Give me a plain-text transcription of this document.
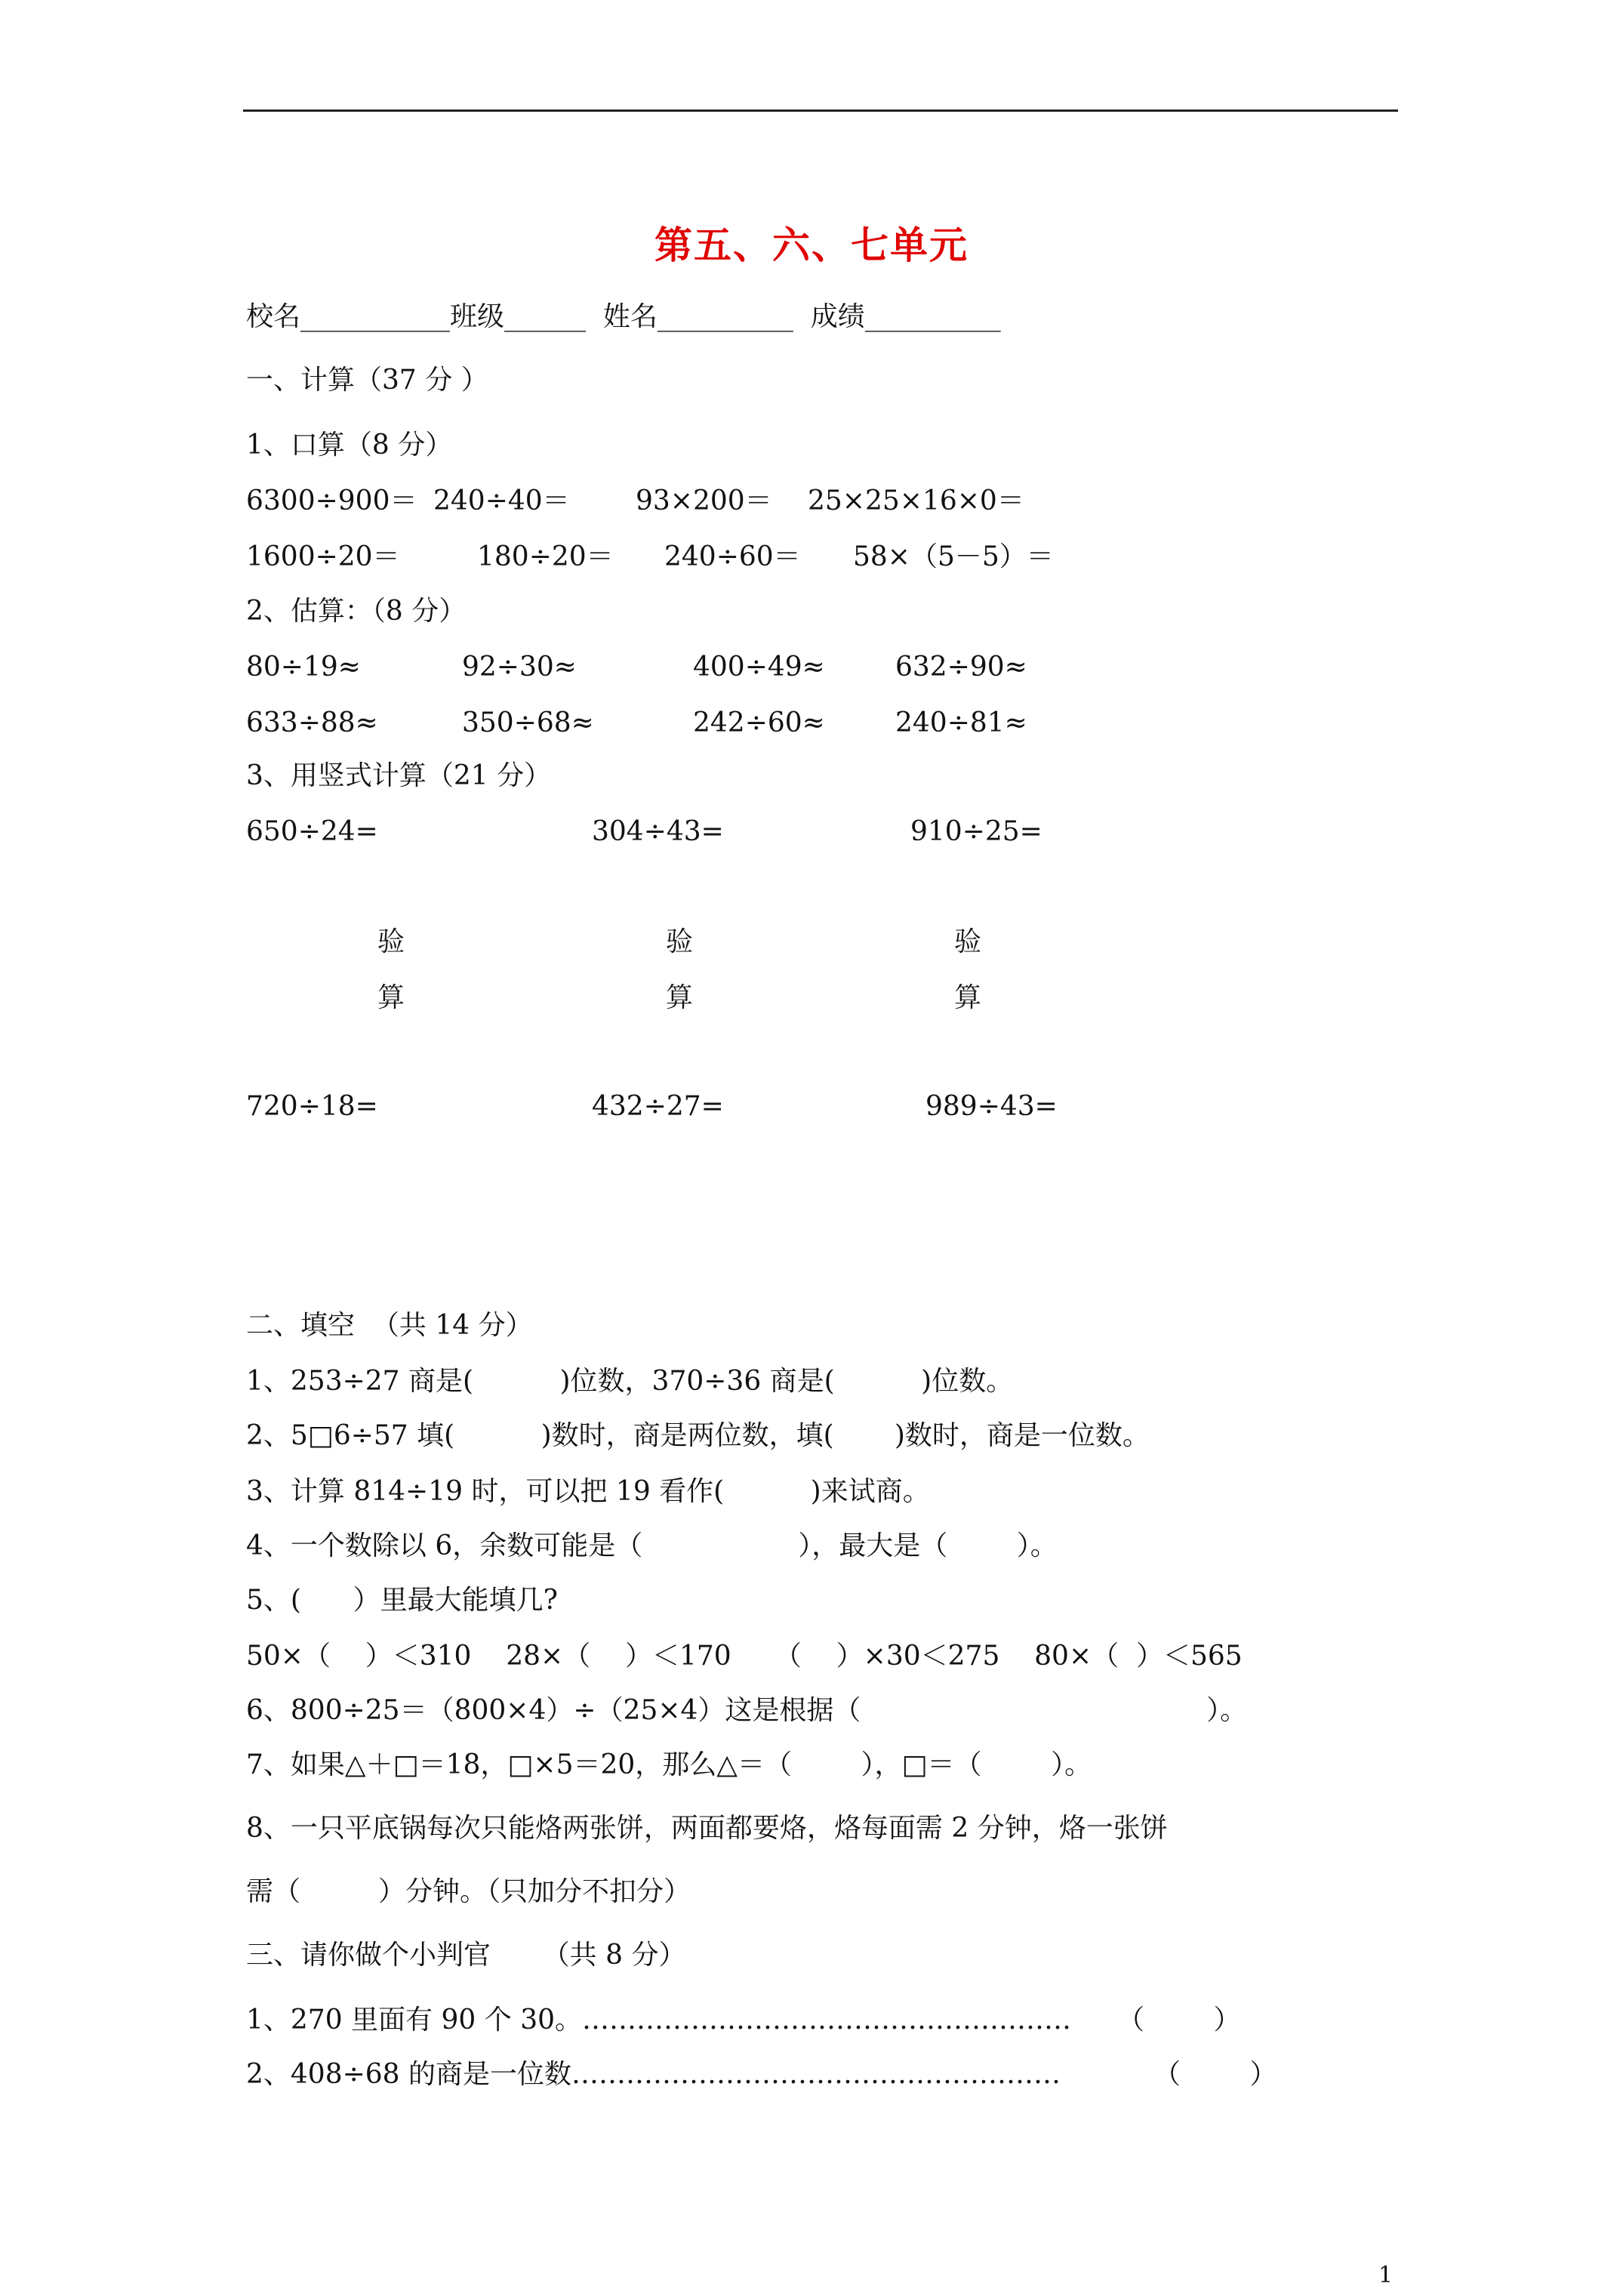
第五、六、七单元
校名___________班级______  姓名__________  成绩__________
一、计算（37 分 ）
1、口算（8 分）
6300÷900＝ 240÷40＝ 93×200＝ 25×25×16×0＝
1600÷20＝	180÷20＝ 240÷60＝ 58×（5－5）＝
2、估算：（8 分）
80÷19≈	92÷30≈	400÷49≈	632÷90≈
633÷88≈	350÷68≈	242÷60≈	240÷81≈
3、用竖式计算（21 分）
650÷24=	304÷43=	910÷25=
验
算
验
算
验
算
720÷18=	432÷27=	989÷43=
二、填空  （共 14 分）
1、253÷27 商是(          )位数，370÷36 商是(          )位数。
2、5□6÷57 填(          )数时，商是两位数，填(       )数时，商是一位数。
3、计算 814÷19 时，可以把 19 看作(          )来试商。
4、一个数除以 6，余数可能是（                  ），最大是（        ）。
5、(      ）里最大能填几?
50×（    ）＜310    28×（    ）＜170     （    ）×30＜275    80×（  ）＜565
6、800÷25＝（800×4）÷（25×4）这是根据（                                        ）。
7、如果△＋□＝18，□×5＝20，那么△＝（        ），□＝（        ）。
8、一只平底锅每次只能烙两张饼，两面都要烙，烙每面需 2 分钟，烙一张饼
需（         ）分钟。（只加分不扣分）
三、请你做个小判官      （共 8 分）
1、270 里面有 90 个 30。……………………………………………… （        ）
2、408÷68 的商是一位数………………………………………………	（        ）
1
